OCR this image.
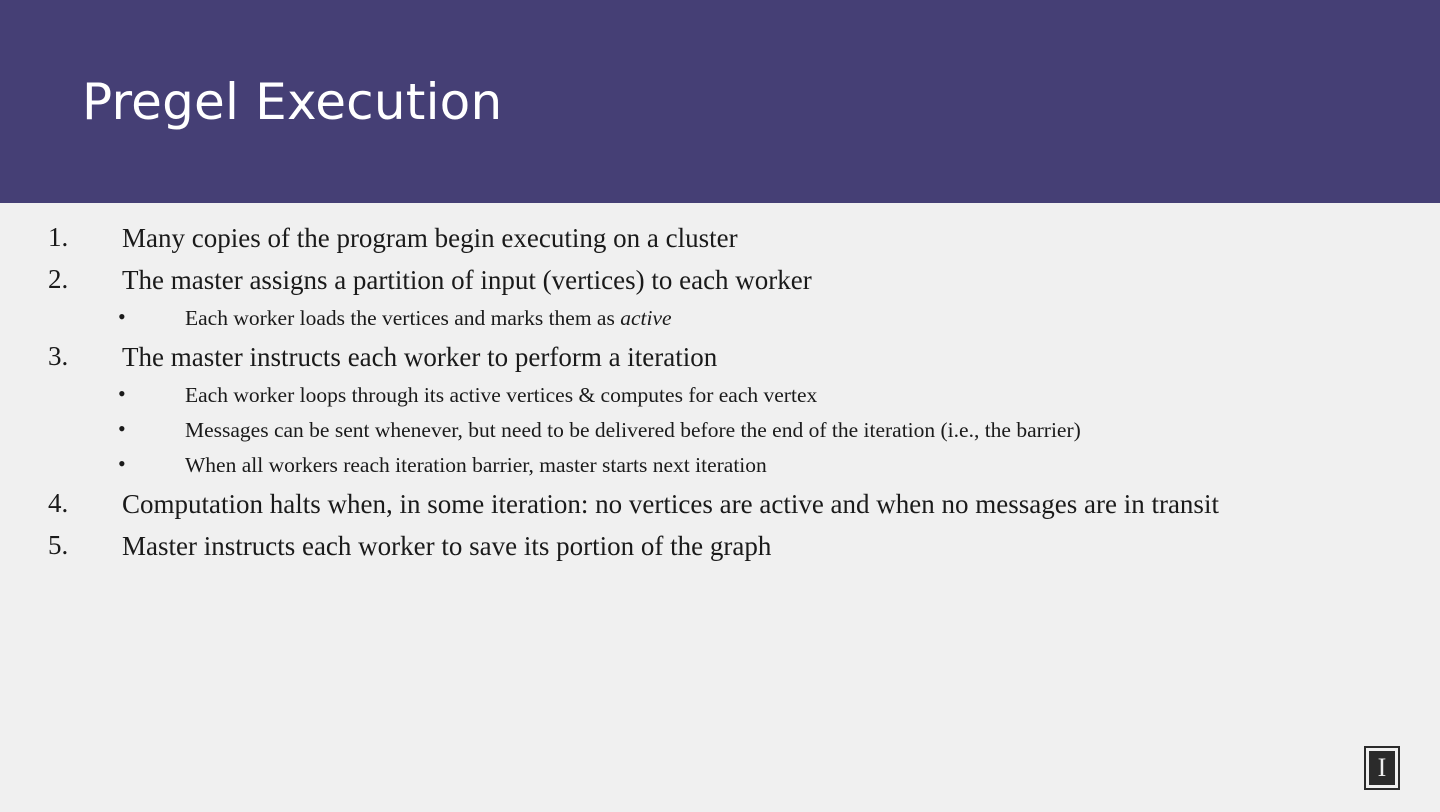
Pregel Execution
1.	Many copies of the program begin executing on a cluster
2.	The master assigns a partition of input (vertices) to each worker
•	Each worker loads the vertices and marks them as active
3.	The master instructs each worker to perform a iteration
•	Each worker loops through its active vertices & computes for each vertex
•	Messages can be sent whenever, but need to be delivered before the end of the iteration (i.e., the barrier)
•	When all workers reach iteration barrier, master starts next iteration
4.	Computation halts when, in some iteration: no vertices are active and when no messages are in transit
5.	Master instructs each worker to save its portion of the graph
I
